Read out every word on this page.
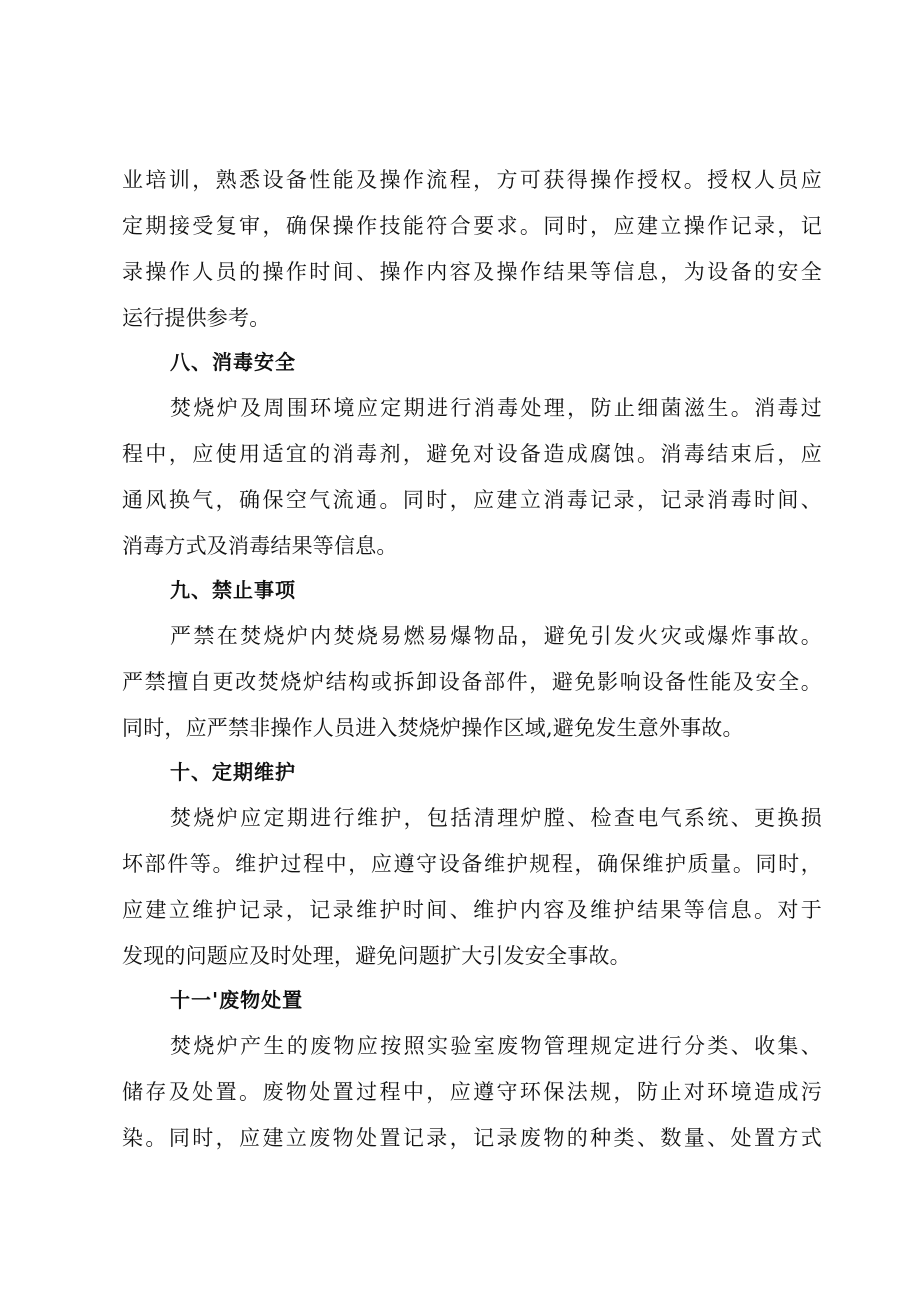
业培训，熟悉设备性能及操作流程，方可获得操作授权。授权人员应
定期接受复审，确保操作技能符合要求。同时，应建立操作记录，记
录操作人员的操作时间、操作内容及操作结果等信息，为设备的安全
运行提供参考。
八、消毒安全
焚烧炉及周围环境应定期进行消毒处理，防止细菌滋生。消毒过
程中，应使用适宜的消毒剂，避免对设备造成腐蚀。消毒结束后，应
通风换气，确保空气流通。同时，应建立消毒记录，记录消毒时间、
消毒方式及消毒结果等信息。
九、禁止事项
严禁在焚烧炉内焚烧易燃易爆物品，避免引发火灾或爆炸事故。
严禁擅自更改焚烧炉结构或拆卸设备部件，避免影响设备性能及安全。
同时，应严禁非操作人员进入焚烧炉操作区域,避免发生意外事故。
十、定期维护
焚烧炉应定期进行维护，包括清理炉膛、检查电气系统、更换损
坏部件等。维护过程中，应遵守设备维护规程，确保维护质量。同时，
应建立维护记录，记录维护时间、维护内容及维护结果等信息。对于
发现的问题应及时处理，避免问题扩大引发安全事故。
十一'废物处置
焚烧炉产生的废物应按照实验室废物管理规定进行分类、收集、
储存及处置。废物处置过程中，应遵守环保法规，防止对环境造成污
染。同时，应建立废物处置记录，记录废物的种类、数量、处置方式
